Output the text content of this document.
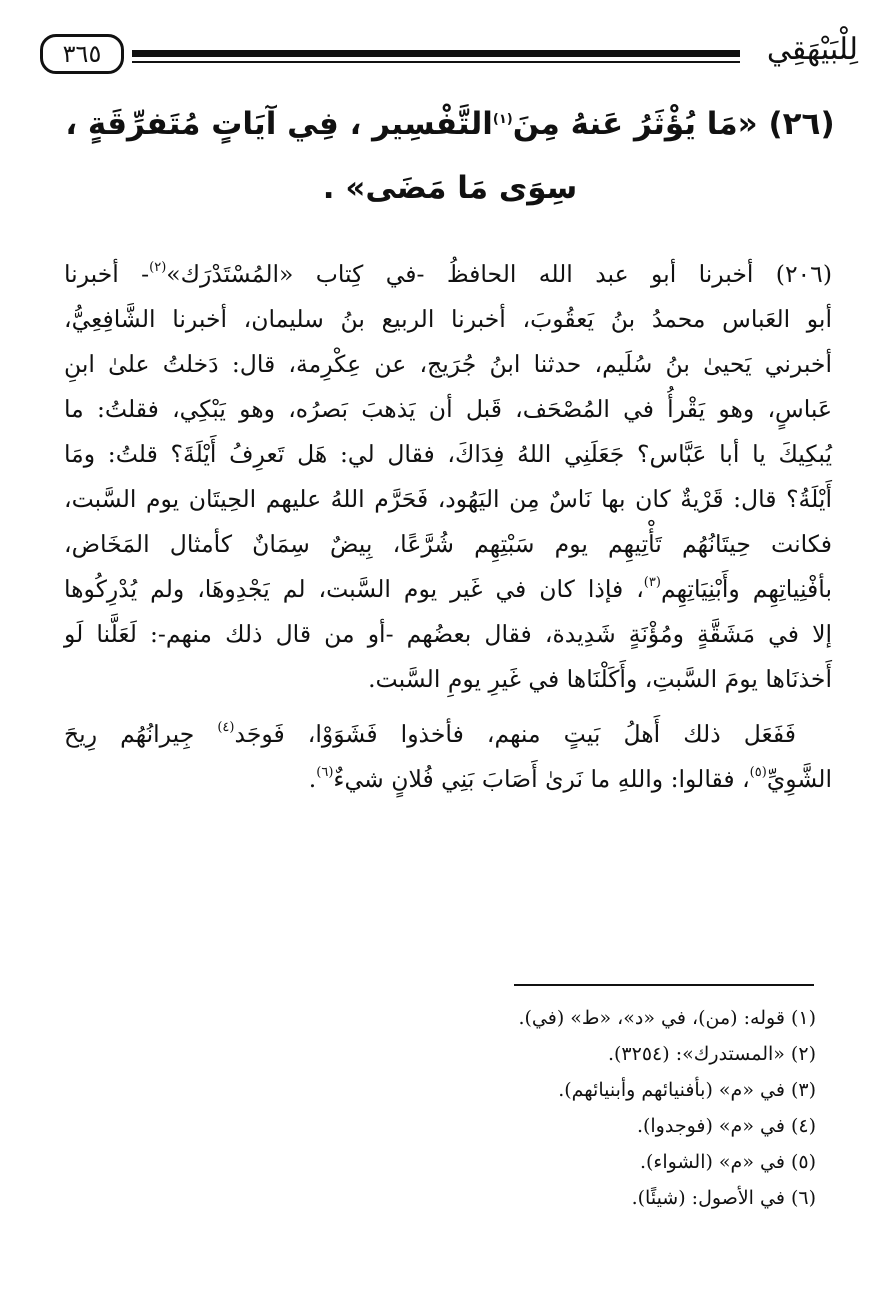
لِلْبَيْهَقِي
٣٦٥
(٢٦) «مَا يُؤْثَرُ عَنهُ مِنَ$^{(١)}$التَّفْسِير ، فِي آيَاتٍ مُتَفرِّقَةٍ ،
سِوَى مَا مَضَى» .

(٢٠٦) أخبرنا أبو عبد الله الحافظُ -في كِتاب «المُسْتَدْرَك»$^{(٢)}$- أخبرنا
أبو العَباس محمدُ بنُ يَعقُوبَ، أخبرنا الربيع بنُ سليمان، أخبرنا الشَّافِعِيُّ،
أخبرني يَحيىٰ بنُ سُلَيم، حدثنا ابنُ جُرَيج، عن عِكْرِمة، قال: دَخلتُ علىٰ ابنِ
عَباسٍ، وهو يَقْرأُ في المُصْحَف، قَبل أن يَذهبَ بَصرُه، وهو يَبْكِي، فقلتُ: ما
يُبكِيكَ يا أبا عَبَّاس؟ جَعَلَنِي اللهُ فِدَاكَ، فقال لي: هَل تَعرِفُ أَيْلَةَ؟ قلتُ: ومَا
أَيْلَةُ؟ قال: قَرْيةٌ كان بها نَاسٌ مِن اليَهُود، فَحَرَّم اللهُ عليهم الحِيتَان يوم السَّبت،
فكانت حِيتَانُهُم تَأْتِيهِم يوم سَبْتِهِم شُرَّعًا، بِيضٌ سِمَانٌ كأمثال المَخَاض،
بأفْنِياتِهِم وأَبْنِيَاتِهِم$^{(٣)}$، فإذا كان في غَير يوم السَّبت، لم يَجْدِوهَا، ولم يُدْرِكُوها
إلا في مَشَقَّةٍ ومُؤْنَةٍ شَدِيدة، فقال بعضُهم -أو من قال ذلك منهم-: لَعَلَّنا لَو
أَخذنَاها يومَ السَّبتِ، وأَكَلْنَاها في غَيرِ يومِ السَّبت.

فَفَعَل ذلك أَهلُ بَيتٍ منهم، فأخذوا فَشَوَوْا، فَوجَد$^{(٤)}$ جِيرانُهُم رِيحَ
الشَّوِيِّ$^{(٥)}$، فقالوا: واللهِ ما نَرىٰ أَصَابَ بَنِي فُلانٍ شيءٌ$^{(٦)}$.

(١) قوله: (من)، في «د»، «ط» (في).
(٢) «المستدرك»: (٣٢٥٤).
(٣) في «م» (بأفنيائهم وأبنيائهم).
(٤) في «م» (فوجدوا).
(٥) في «م» (الشواء).
(٦) في الأصول: (شيئًا).
